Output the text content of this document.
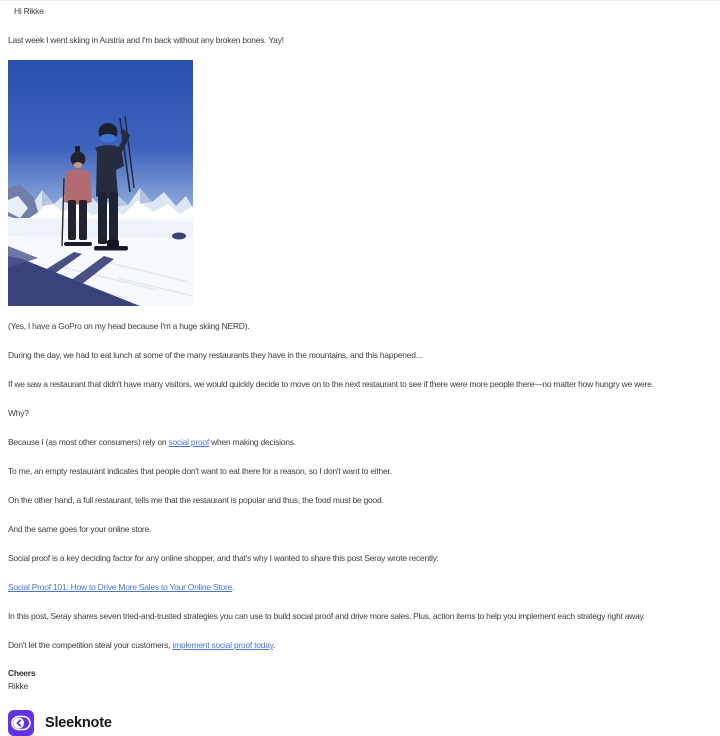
Hi Rikke

Last week I went skiing in Austria and I'm back without any broken bones. Yay!

(Yes, I have a GoPro on my head because I'm a huge skiing NERD).

During the day, we had to eat lunch at some of the many restaurants they have in the mountains, and this happened...

If we saw a restaurant that didn't have many visitors, we would quickly decide to move on to the next restaurant to see if there were more people there—no matter how hungry we were.

Why?

Because I (as most other consumers) rely on social proof when making decisions.

To me, an empty restaurant indicates that people don't want to eat there for a reason, so I don't want to either.

On the other hand, a full restaurant, tells me that the restaurant is popular and thus, the food must be good.

And the same goes for your online store.

Social proof is a key deciding factor for any online shopper, and that's why I wanted to share this post Seray wrote recently:

Social Proof 101: How to Drive More Sales to Your Online Store.

In this post, Seray shares seven tried-and-trusted strategies you can use to build social proof and drive more sales. Plus, action items to help you implement each strategy right away.

Don't let the competition steal your customers, implement social proof today.

Cheers
Rikke
Sleeknote
